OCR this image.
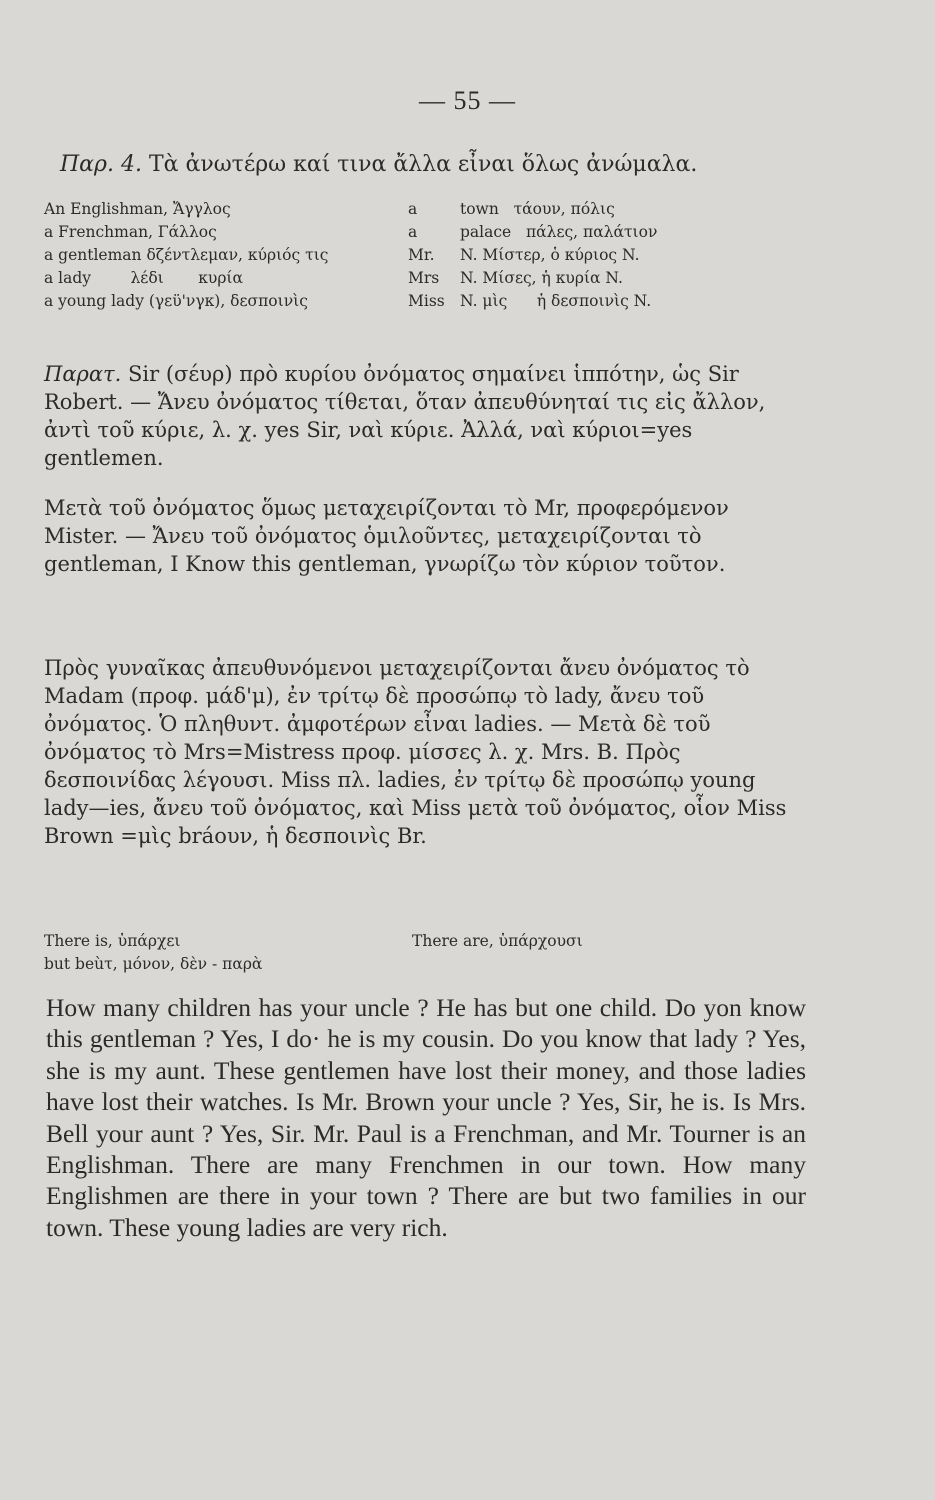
— 55 —
Παρ. 4. Τὰ ἀνωτέρω καί τινα ἄλλα εἶναι ὅλως ἀνώμαλα.
An Englishman, Ἄγγλος
a Frenchman, Γάλλος
a gentleman δζέντλεμαν, κύριός τις
a lady        λέδι       κυρία
a young lady (γεϋ'νγκ), δεσποινὶς
a	town   τάουν, πόλις
a	palace   πάλες, παλάτιον
Mr. N. Μίστερ, ὁ κύριος N.
Mrs N. Μίσες, ἡ κυρία N.
Miss N. μὶς      ἡ δεσποινὶς N.

Παρατ. Sir (σέυρ) πρὸ κυρίου ὀνόματος σημαίνει ἱππότην, ὡς Sir Robert. — Ἄνευ ὀνόματος τίθεται, ὅταν ἀπευθύνηταί τις εἰς ἄλλον, ἀντὶ τοῦ κύριε, λ. χ. yes Sir, ναὶ κύριε. Ἀλλά, ναὶ κύριοι=yes gentlemen.

Μετὰ τοῦ ὀνόματος ὅμως μεταχειρίζονται τὸ Mr, προφερόμενον Mister. — Ἄνευ τοῦ ὀνόματος ὁμιλοῦντες, μεταχειρίζονται τὸ gentleman, I Know this gentleman, γνωρίζω τὸν κύριον τοῦτον.

Πρὸς γυναῖκας ἀπευθυνόμενοι μεταχειρίζονται ἄνευ ὀνόματος τὸ Madam (προφ. μάδ'μ), ἐν τρίτῳ δὲ προσώπῳ τὸ lady, ἄνευ τοῦ ὀνόματος. Ὁ πληθυντ. ἀμφοτέρων εἶναι ladies. — Μετὰ δὲ τοῦ ὀνόματος τὸ Mrs=Mistress προφ. μίσσες λ. χ. Mrs. B. Πρὸς δεσποινίδας λέγουσι. Miss πλ. ladies, ἐν τρίτῳ δὲ προσώπῳ young lady—ies, ἄνευ τοῦ ὀνόματος, καὶ Miss μετὰ τοῦ ὀνόματος, οἷον Miss Brown =μὶς bráουν, ἡ δεσποινὶς Br.

There is, ὑπάρχει
but beùτ, μόνον, δὲν - παρὰ
There are, ὑπάρχουσι

How many children has your uncle ? He has but one child. Do yon know this gentleman ? Yes, I do· he is my cousin. Do you know that lady ? Yes, she is my aunt. These gentlemen have lost their money, and those ladies have lost their watches. Is Mr. Brown your uncle ? Yes, Sir, he is. Is Mrs. Bell your aunt ? Yes, Sir. Mr. Paul is a Frenchman, and Mr. Tourner is an Englishman. There are many Frenchmen in our town. How many Englishmen are there in your town ? There are but two families in our town. These young ladies are very rich.
